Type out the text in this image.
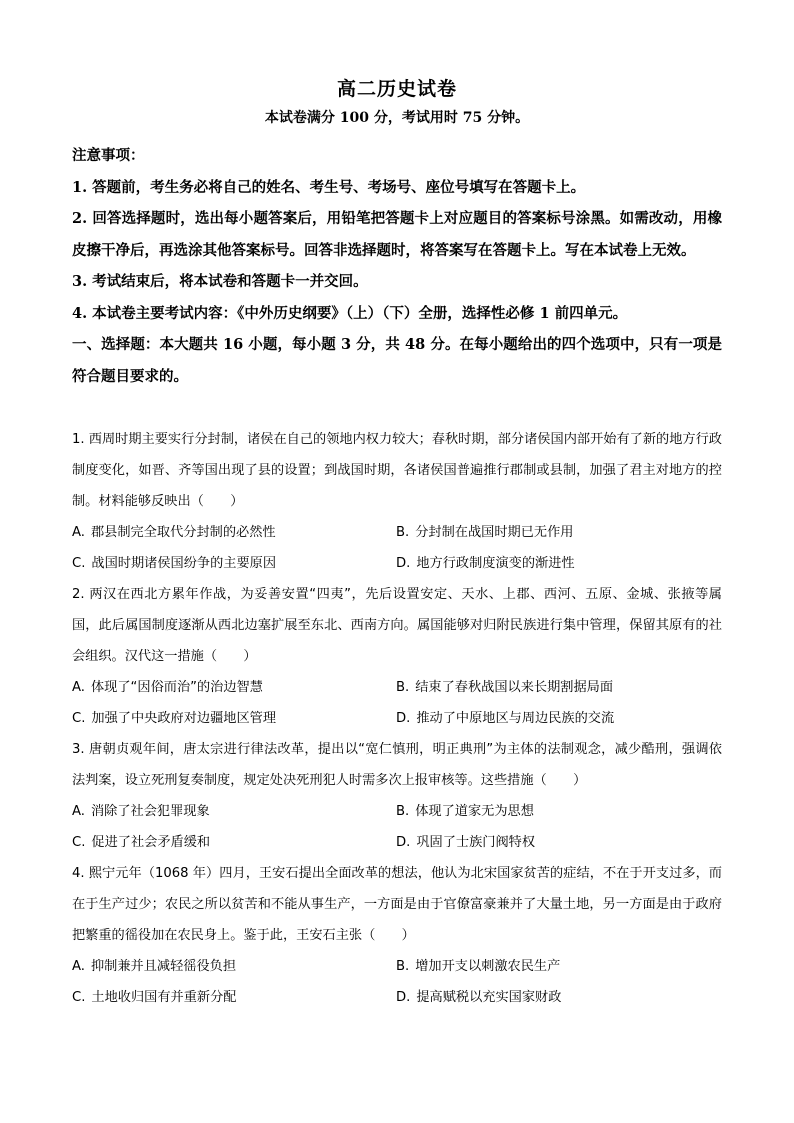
高二历史试卷
本试卷满分 100 分，考试用时 75 分钟。
注意事项：
1. 答题前，考生务必将自己的姓名、考生号、考场号、座位号填写在答题卡上。
2. 回答选择题时，选出每小题答案后，用铅笔把答题卡上对应题目的答案标号涂黑。如需改动，用橡皮擦干净后，再选涂其他答案标号。回答非选择题时，将答案写在答题卡上。写在本试卷上无效。
3. 考试结束后，将本试卷和答题卡一并交回。
4. 本试卷主要考试内容：《中外历史纲要》（上）（下）全册，选择性必修 1 前四单元。
一、选择题：本大题共 16 小题，每小题 3 分，共 48 分。在每小题给出的四个选项中，只有一项是符合题目要求的。
1. 西周时期主要实行分封制，诸侯在自己的领地内权力较大；春秋时期，部分诸侯国内部开始有了新的地方行政制度变化，如晋、齐等国出现了县的设置；到战国时期，各诸侯国普遍推行郡制或县制，加强了君主对地方的控制。材料能够反映出（　　）
A. 郡县制完全取代分封制的必然性	B. 分封制在战国时期已无作用
C. 战国时期诸侯国纷争的主要原因	D. 地方行政制度演变的渐进性
2. 两汉在西北方累年作战，为妥善安置“四夷”，先后设置安定、天水、上郡、西河、五原、金城、张掖等属国，此后属国制度逐渐从西北边塞扩展至东北、西南方向。属国能够对归附民族进行集中管理，保留其原有的社会组织。汉代这一措施（　　）
A. 体现了“因俗而治”的治边智慧	B. 结束了春秋战国以来长期割据局面
C. 加强了中央政府对边疆地区管理	D. 推动了中原地区与周边民族的交流
3. 唐朝贞观年间，唐太宗进行律法改革，提出以“宽仁慎刑，明正典刑”为主体的法制观念，减少酷刑，强调依法判案，设立死刑复奏制度，规定处决死刑犯人时需多次上报审核等。这些措施（　　）
A. 消除了社会犯罪现象	B. 体现了道家无为思想
C. 促进了社会矛盾缓和	D. 巩固了士族门阀特权
4. 熙宁元年（1068 年）四月，王安石提出全面改革的想法，他认为北宋国家贫苦的症结，不在于开支过多，而在于生产过少；农民之所以贫苦和不能从事生产，一方面是由于官僚富豪兼并了大量土地，另一方面是由于政府把繁重的徭役加在农民身上。鉴于此，王安石主张（　　）
A. 抑制兼并且减轻徭役负担	B. 增加开支以刺激农民生产
C. 土地收归国有并重新分配	D. 提高赋税以充实国家财政
